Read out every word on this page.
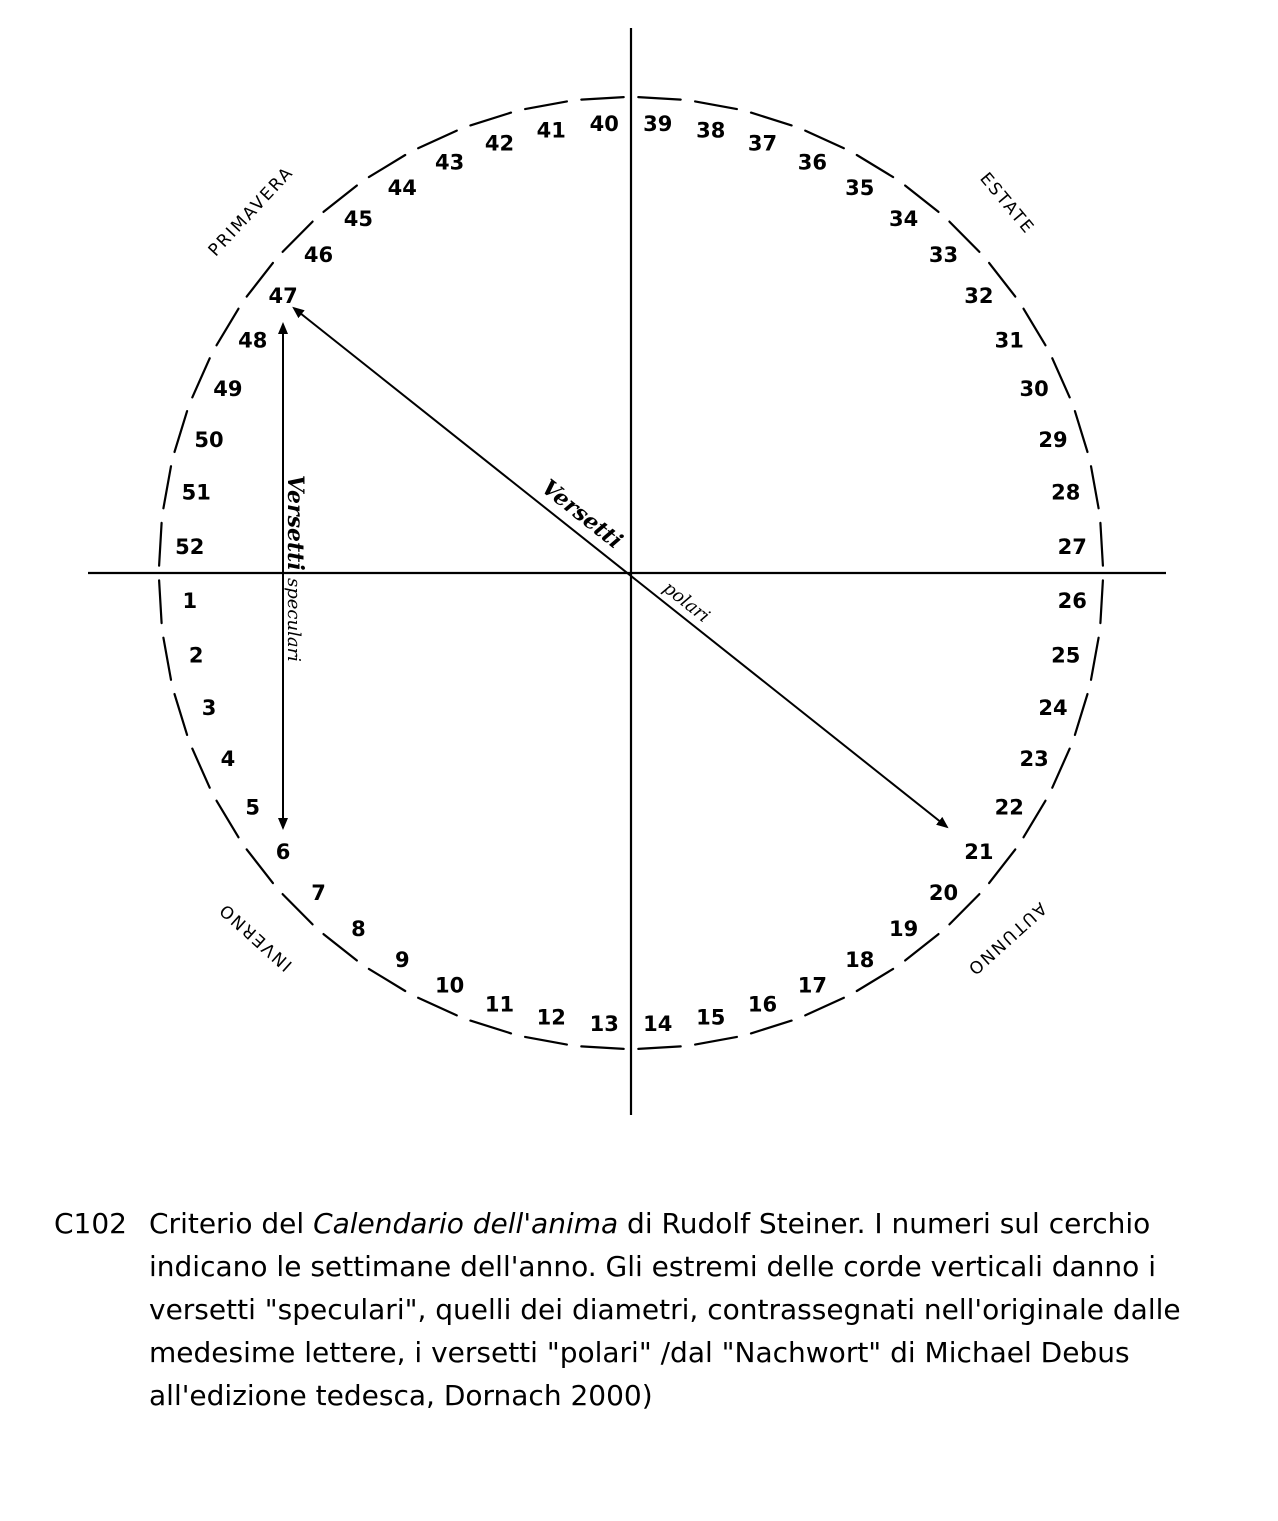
1
2
3
4
5
6
7
8
9
10
11
12 13 14 15
16
17
18
19
20
21
22
23
24
25
26
27
28
29
30
31
32
33
34
35
36
37
38
39
40
41
42
43
44
45
46
47
48
49
50
51
52
PRIMAVERA	ESTATE
AUTUNNO
INVERNO
Versetti
speculari
Versetti
polari
C102 Criterio del Calendario dell'anima di Rudolf Steiner. I numeri sul cerchio indicano le settimane dell'anno. Gli estremi delle corde verticali danno i versetti "speculari", quelli dei diametri, contrassegnati nell'originale dalle medesime lettere, i versetti "polari" /dal "Nachwort" di Michael Debus all'edizione tedesca, Dornach 2000)
